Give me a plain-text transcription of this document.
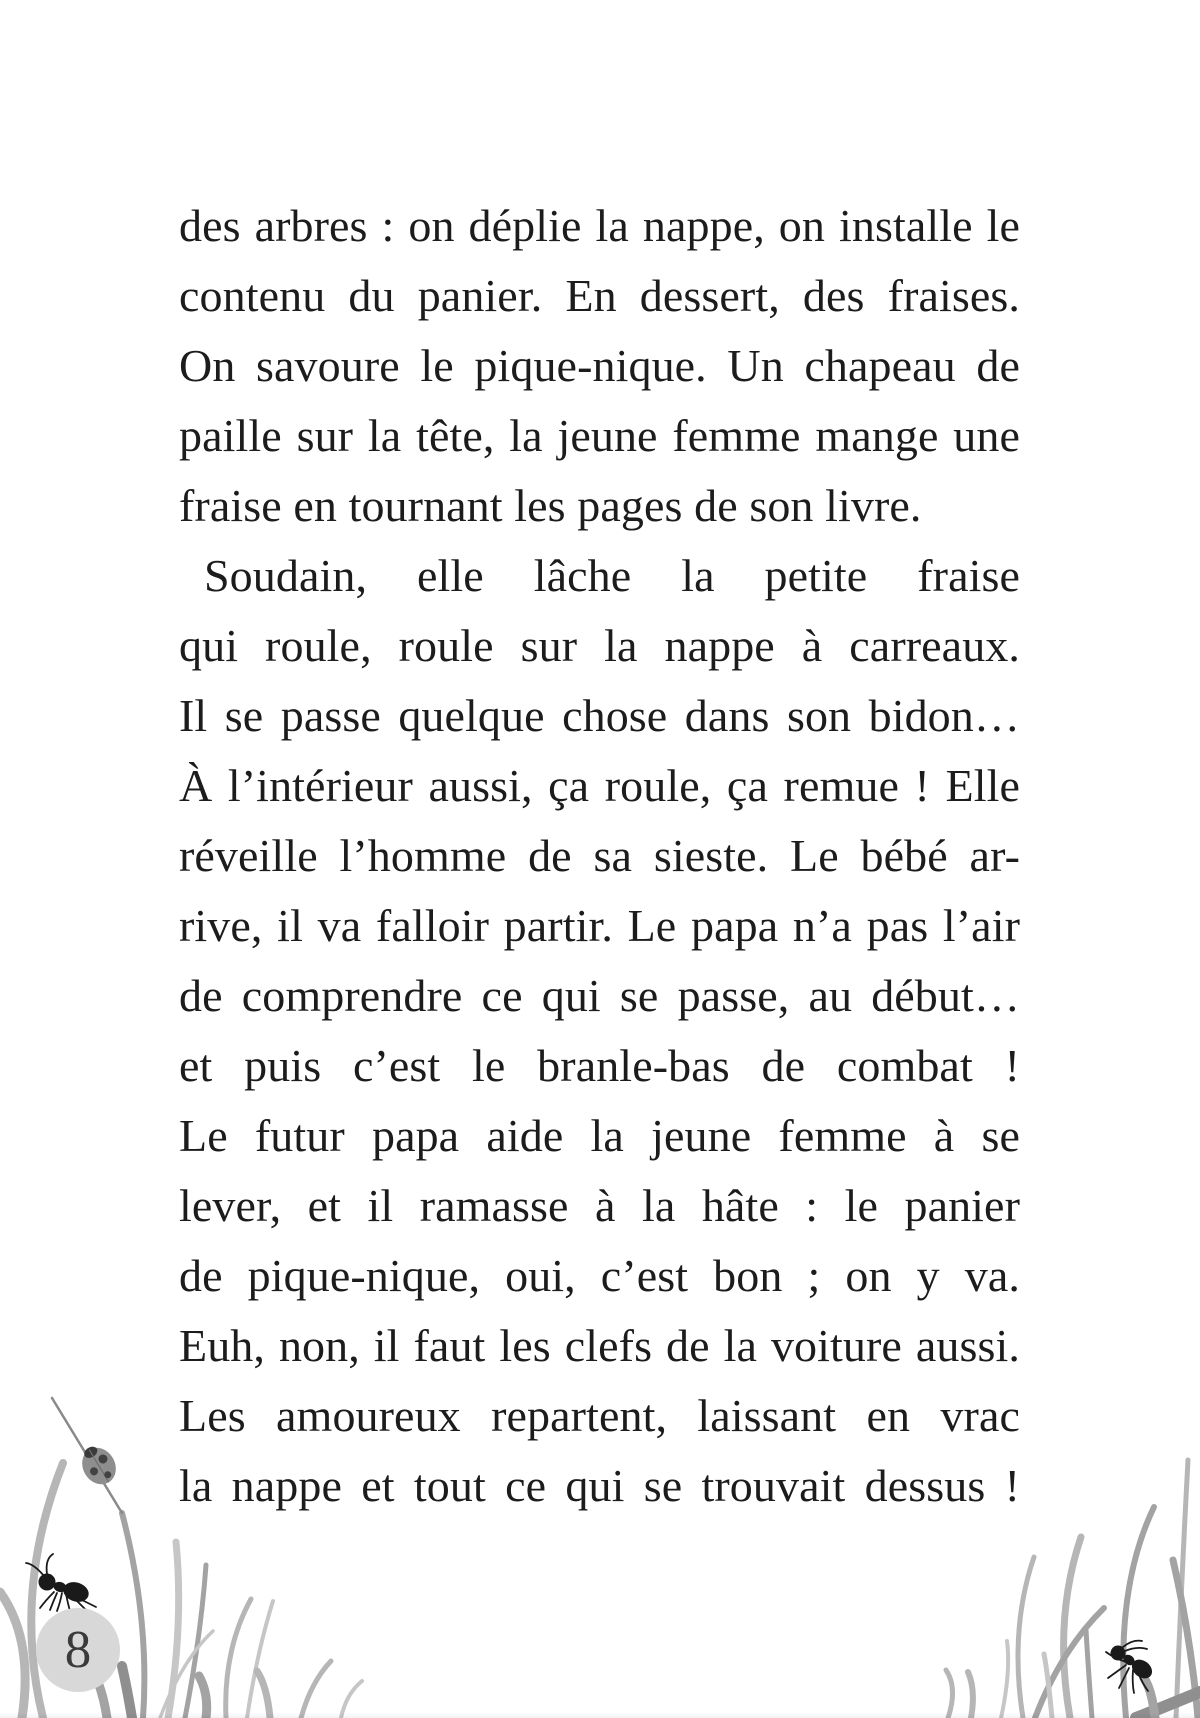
des arbres : on déplie la nappe, on installe le
contenu du panier. En dessert, des fraises.
On savoure le pique-nique. Un chapeau de
paille sur la tête, la jeune femme mange une
fraise en tournant les pages de son livre.
Soudain, elle lâche la petite fraise
qui roule, roule sur la nappe à carreaux.
Il se passe quelque chose dans son bidon…
À l’intérieur aussi, ça roule, ça remue ! Elle
réveille l’homme de sa sieste. Le bébé ar-
rive, il va falloir partir. Le papa n’a pas l’air
de comprendre ce qui se passe, au début…
et puis c’est le branle-bas de combat !
Le futur papa aide la jeune femme à se
lever, et il ramasse à la hâte : le panier
de pique-nique, oui, c’est bon ; on y va.
Euh, non, il faut les clefs de la voiture aussi.
Les amoureux repartent, laissant en vrac
la nappe et tout ce qui se trouvait dessus !
8
